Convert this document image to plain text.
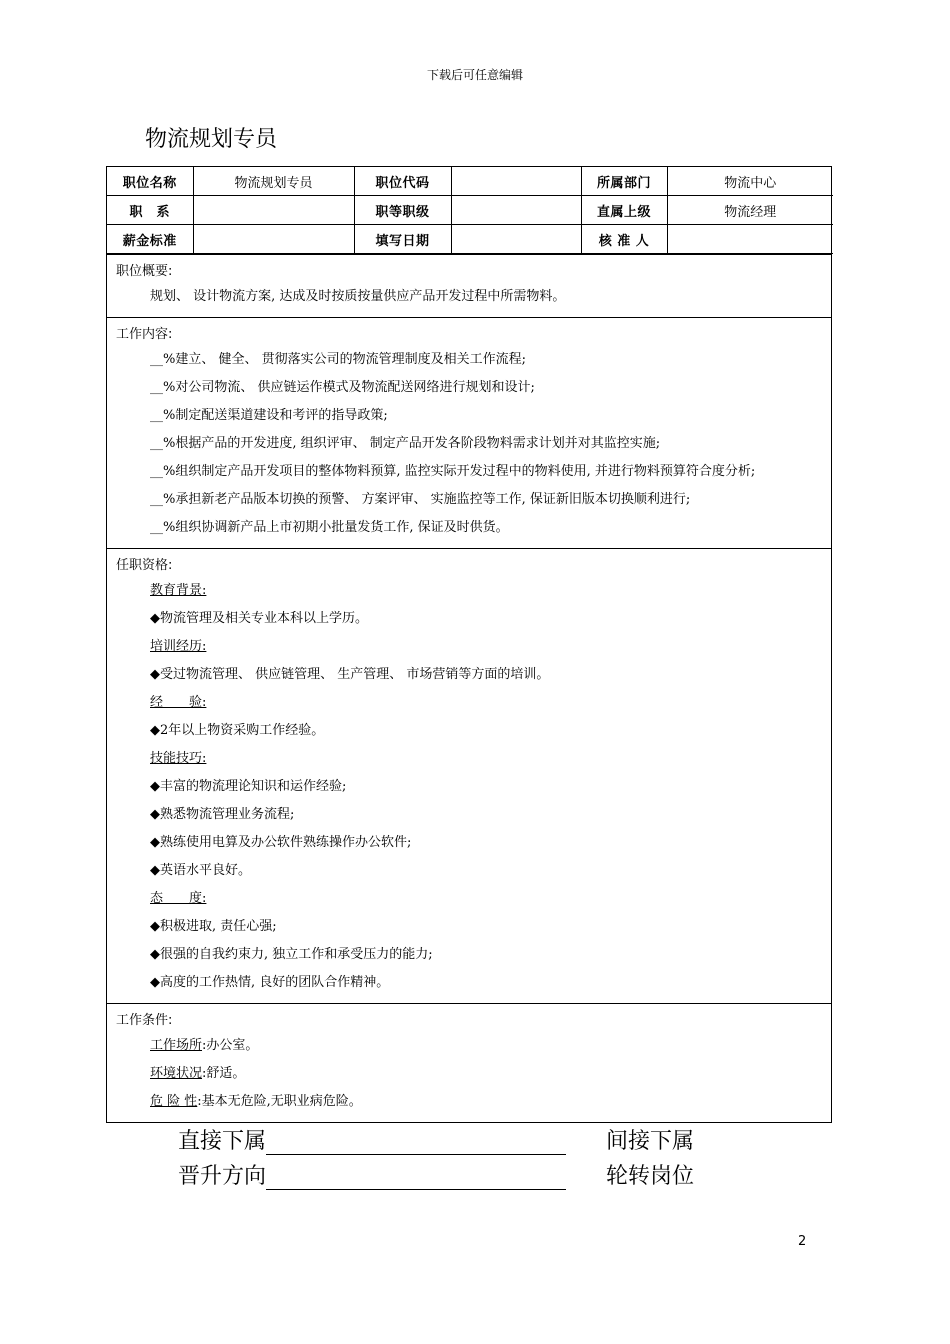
下载后可任意编辑
物流规划专员
职位名称	物流规划专员	职位代码		所属部门	物流中心
职　系		职等职级		直属上级	物流经理
薪金标准		填写日期		核 准 人	
职位概要:
规划、 设计物流方案, 达成及时按质按量供应产品开发过程中所需物料。
工作内容:
__%建立、 健全、 贯彻落实公司的物流管理制度及相关工作流程;
__%对公司物流、 供应链运作模式及物流配送网络进行规划和设计;
__%制定配送渠道建设和考评的指导政策;
__%根据产品的开发进度, 组织评审、 制定产品开发各阶段物料需求计划并对其监控实施;
__%组织制定产品开发项目的整体物料预算, 监控实际开发过程中的物料使用, 并进行物料预算符合度分析;
__%承担新老产品版本切换的预警、 方案评审、 实施监控等工作, 保证新旧版本切换顺利进行;
__%组织协调新产品上市初期小批量发货工作, 保证及时供货。
任职资格:
教育背景:
◆物流管理及相关专业本科以上学历。
培训经历:
◆受过物流管理、 供应链管理、 生产管理、 市场营销等方面的培训。
经　　验:
◆2年以上物资采购工作经验。
技能技巧:
◆丰富的物流理论知识和运作经验;
◆熟悉物流管理业务流程;
◆熟练使用电算及办公软件熟练操作办公软件;
◆英语水平良好。
态　　度:
◆积极进取, 责任心强;
◆很强的自我约束力, 独立工作和承受压力的能力;
◆高度的工作热情, 良好的团队合作精神。
工作条件:
工作场所:办公室。
环境状况:舒适。
危 险 性:基本无危险,无职业病危险。
直接下属	间接下属
晋升方向	轮转岗位
2
